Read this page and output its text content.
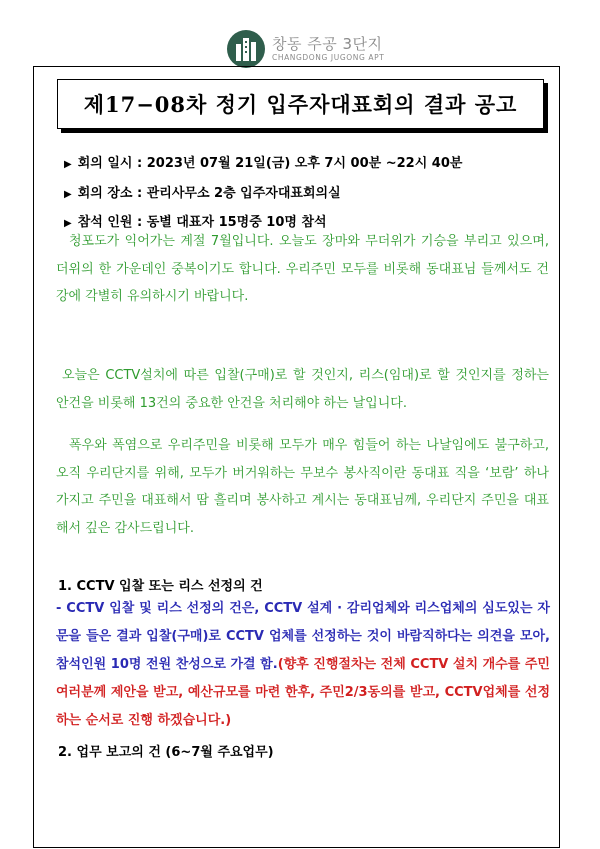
창동 주공 3단지
CHANGDONG JUGONG APT
제17−08차 정기 입주자대표회의 결과 공고
▶ 회의 일시 : 2023년 07월 21일(금) 오후 7시 00분 ~22시 40분
▶ 회의 장소 : 관리사무소 2층 입주자대표회의실
▶ 참석 인원 : 동별 대표자 15명중 10명 참석
청포도가 익어가는 계절 7월입니다. 오늘도 장마와 무더위가 기승을 부리고 있으며, 더위의 한 가운데인 중복이기도 합니다. 우리주민 모두를 비롯해 동대표님 들께서도 건강에 각별히 유의하시기 바랍니다.
오늘은 CCTV설치에 따른 입찰(구매)로 할 것인지, 리스(임대)로 할 것인지를 정하는 안건을 비롯해 13건의 중요한 안건을 처리해야 하는 날입니다.
폭우와 폭염으로 우리주민을 비롯해 모두가 매우 힘들어 하는 나날임에도 불구하고, 오직 우리단지를 위해, 모두가 버거워하는 무보수 봉사직이란 동대표 직을 ‘보람’ 하나 가지고 주민을 대표해서 땀 흘리며 봉사하고 계시는 동대표님께, 우리단지 주민을 대표해서 깊은 감사드립니다.
1. CCTV 입찰 또는 리스 선정의 건
- CCTV 입찰 및 리스 선정의 건은, CCTV 설계 · 감리업체와 리스업체의 심도있는 자문을 들은 결과 입찰(구매)로 CCTV 업체를 선정하는 것이 바람직하다는 의견을 모아, 참석인원 10명 전원 찬성으로 가결 함.(향후 진행절차는 전체 CCTV 설치 개수를 주민여러분께 제안을 받고, 예산규모를 마련 한후, 주민2/3동의를 받고, CCTV업체를 선정하는 순서로 진행 하겠습니다.)
2. 업무 보고의 건 (6~7월 주요업무)
